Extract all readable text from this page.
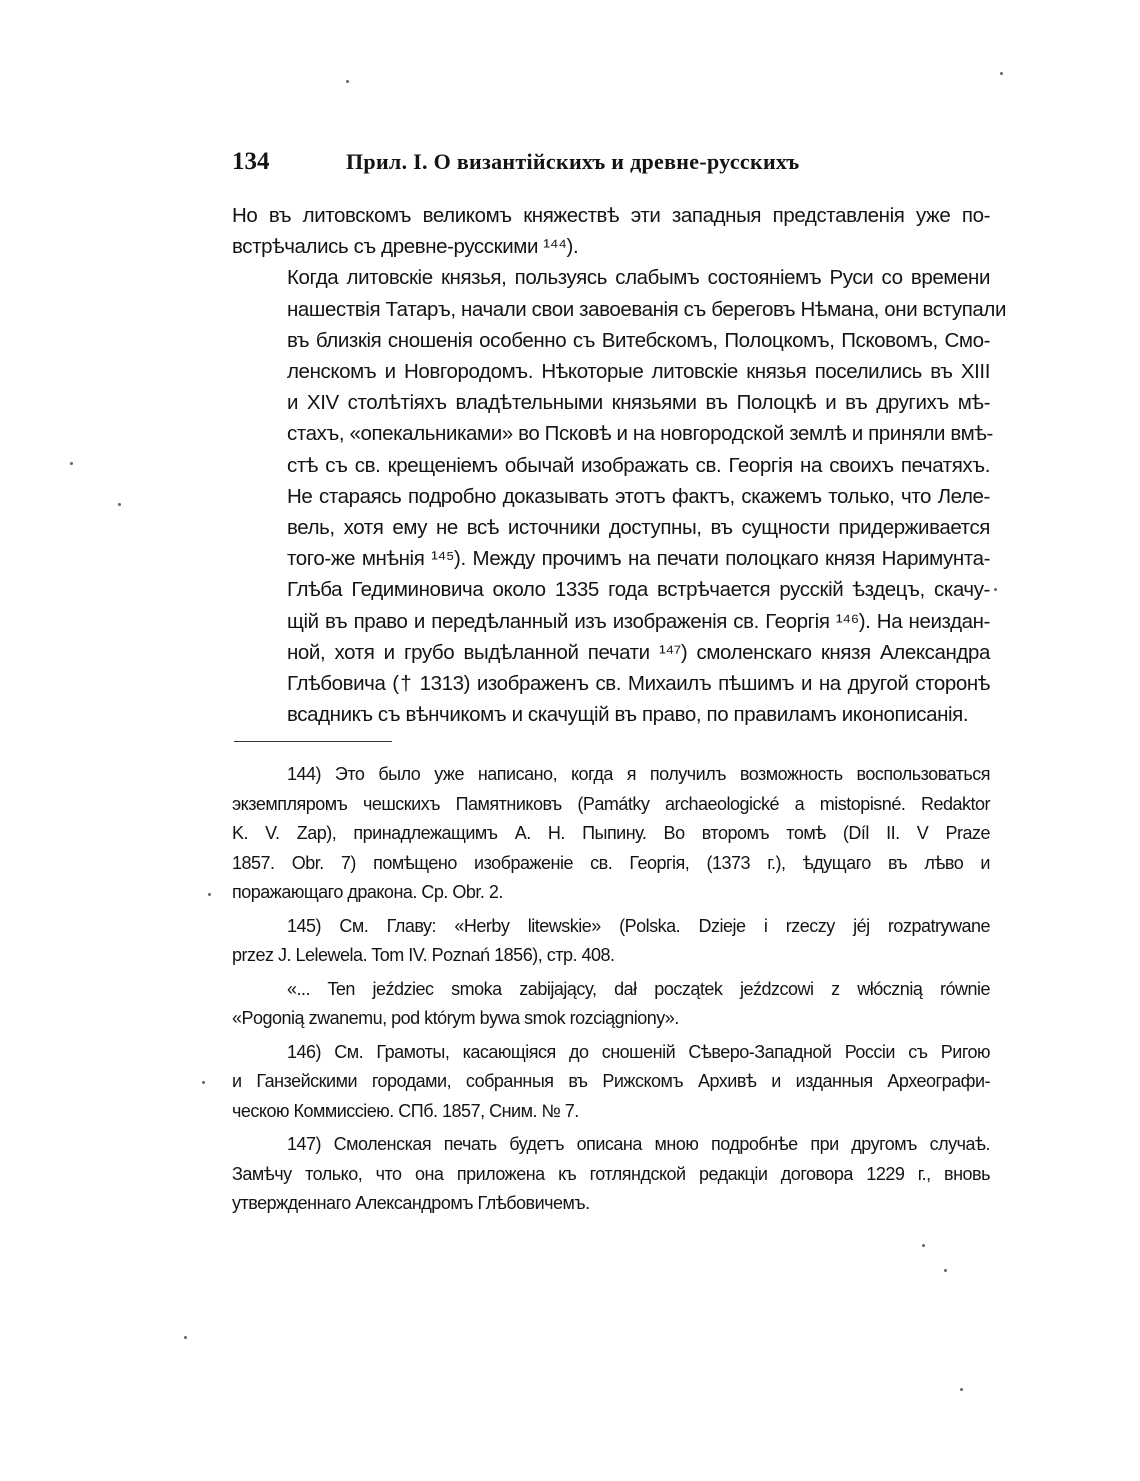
134	Прил. I. О византійскихъ и древне-русскихъ

Но въ литовскомъ великомъ княжествѣ эти западныя представленія уже по-
встрѣчались съ древне-русскими ¹⁴⁴).

Когда литовскіе князья, пользуясь слабымъ состояніемъ Руси со времени
нашествія Татаръ, начали свои завоеванія съ береговъ Нѣмана, они вступали
въ близкія сношенія особенно съ Витебскомъ, Полоцкомъ, Псковомъ, Смо-
ленскомъ и Новгородомъ. Нѣкоторые литовскіе князья поселились въ XIII
и XIV столѣтіяхъ владѣтельными князьями въ Полоцкѣ и въ другихъ мѣ-
стахъ, «опекальниками» во Псковѣ и на новгородской землѣ и приняли вмѣ-
стѣ съ св. крещеніемъ обычай изображать св. Георгія на своихъ печатяхъ.
Не стараясь подробно доказывать этотъ фактъ, скажемъ только, что Леле-
вель, хотя ему не всѣ источники доступны, въ сущности придерживается
того-же мнѣнія ¹⁴⁵). Между прочимъ на печати полоцкаго князя Наримунта-
Глѣба Гедиминовича около 1335 года встрѣчается русскій ѣздецъ, скачу-
щій въ право и передѣланный изъ изображенія св. Георгія ¹⁴⁶). На неиздан-
ной, хотя и грубо выдѣланной печати ¹⁴⁷) смоленскаго князя Александра
Глѣбовича († 1313) изображенъ св. Михаилъ пѣшимъ и на другой сторонѣ
всадникъ съ вѣнчикомъ и скачущій въ право, по правиламъ иконописанія.

144) Это было уже написано, когда я получилъ возможность воспользоваться
экземпляромъ чешскихъ Памятниковъ (Památky archaeologické a mistopisné. Redaktor
K. V. Zap), принадлежащимъ А. Н. Пыпину. Во второмъ томѣ (Díl II. V Praze
1857. Obr. 7) помѣщено изображеніе св. Георгія, (1373 г.), ѣдущаго въ лѣво и
поражающаго дракона. Ср. Obr. 2.
145) См. Главу: «Herby litewskie» (Polska. Dzieje i rzeczy jéj rozpatrywane
przez J. Lelewela. Tom IV. Poznań 1856), стр. 408.
«... Ten jeździec smoka zabijający, dał początek jeźdzcowi z włócznią równie
«Pogonią zwanemu, pod którym bywa smok rozciągniony».
146) См. Грамоты, касающіяся до сношеній Сѣверо-Западной Россіи съ Ригою
и Ганзейскими городами, собранныя въ Рижскомъ Архивѣ и изданныя Археографи-
ческою Коммиссіею. СПб. 1857, Сним. № 7.
147) Смоленская печать будетъ описана мною подробнѣе при другомъ случаѣ.
Замѣчу только, что она приложена къ готляндской редакціи договора 1229 г., вновь
утвержденнаго Александромъ Глѣбовичемъ.
